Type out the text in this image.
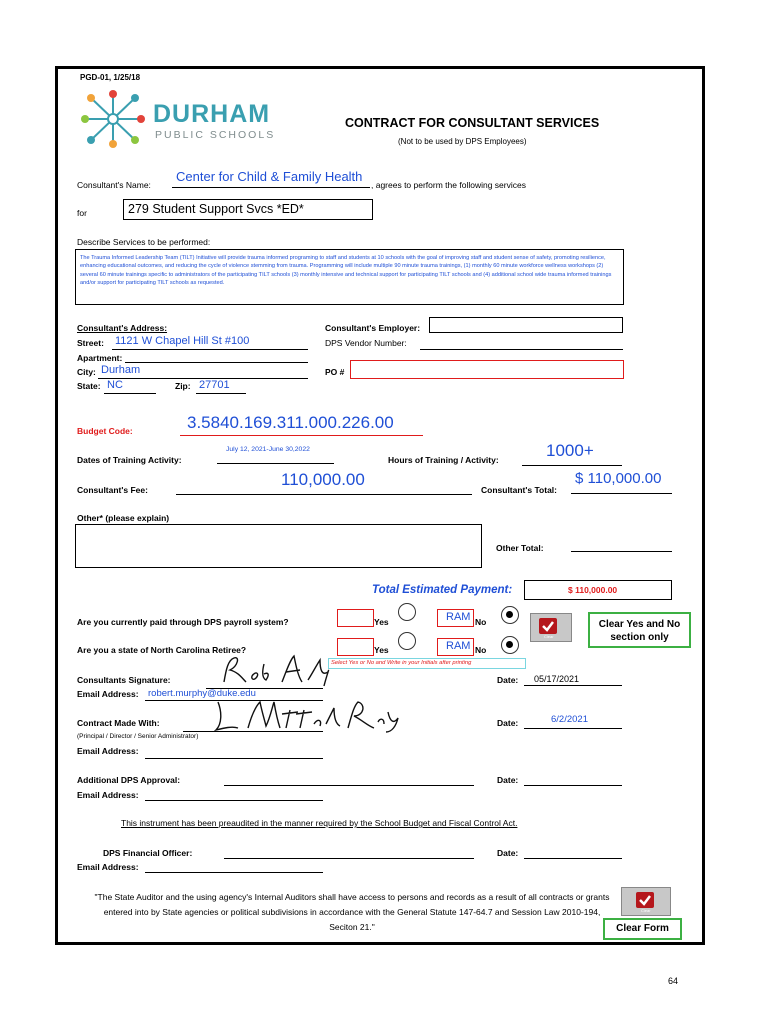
PGD-01, 1/25/18
DURHAM
PUBLIC SCHOOLS
CONTRACT FOR CONSULTANT SERVICES
(Not to be used by DPS Employees)
Consultant's Name:
Center for Child & Family Health
, agrees to perform the following services
for	279 Student Support Svcs *ED*
Describe Services to be performed:
The Trauma Informed Leadership Team (TILT) Initiative will provide trauma informed programing to staff and students at 10 schools with the goal of improving staff and student sense of safety, promoting resilience, enhancing educational outcomes, and reducing the cycle of violence stemming from trauma. Programming will include multiple 90 minute trauma trainings, (1) monthly 60 minute workforce wellness workshops (2) several 60 minute trainings specific to administrators of the participating TILT schools (3) monthly intensive and technical support for participating TILT schools and (4) additional school wide trauma informed trainings and/or support for participating TILT schools as requested.
Consultant's Address:
Street: 1121 W Chapel Hill St #100
Apartment:
City: Durham
State: NC	Zip: 27701
Consultant's Employer:
DPS Vendor Number:
PO #
Budget Code:	3.5840.169.311.000.226.00
Dates of Training Activity:
July 12, 2021-June 30,2022
Hours of Training / Activity:	1000+
Consultant's Fee:
110,000.00
Consultant's Total:
$ 110,000.00
Other* (please explain)
Other Total:
Total Estimated Payment:	$ 110,000.00
Are you currently paid through DPS payroll system?	Yes	RAM No
Are you a state of North Carolina Retiree?	Yes	RAM No
Clear
Clear Yes and No section only
Select Yes or No and Write in your Initials after printing
Consultants Signature:
Email Address: robert.murphy@duke.edu
Date: 05/17/2021
Contract Made With:
(Principal / Director / Senior Administrator)
Email Address:
Date:	6/2/2021
Additional DPS Approval:
Email Address:
Date:
This instrument has been preaudited in the manner required by the School Budget and Fiscal Control Act.
DPS Financial Officer:
Email Address:
Date:
"The State Auditor and the using agency's Internal Auditors shall have access to persons and records as a result of all contracts or grants entered into by State agencies or political subdivisions in accordance with the General Statute 147-64.7 and Session Law 2010-194, Seciton 21."
Clear
Clear Form
64
